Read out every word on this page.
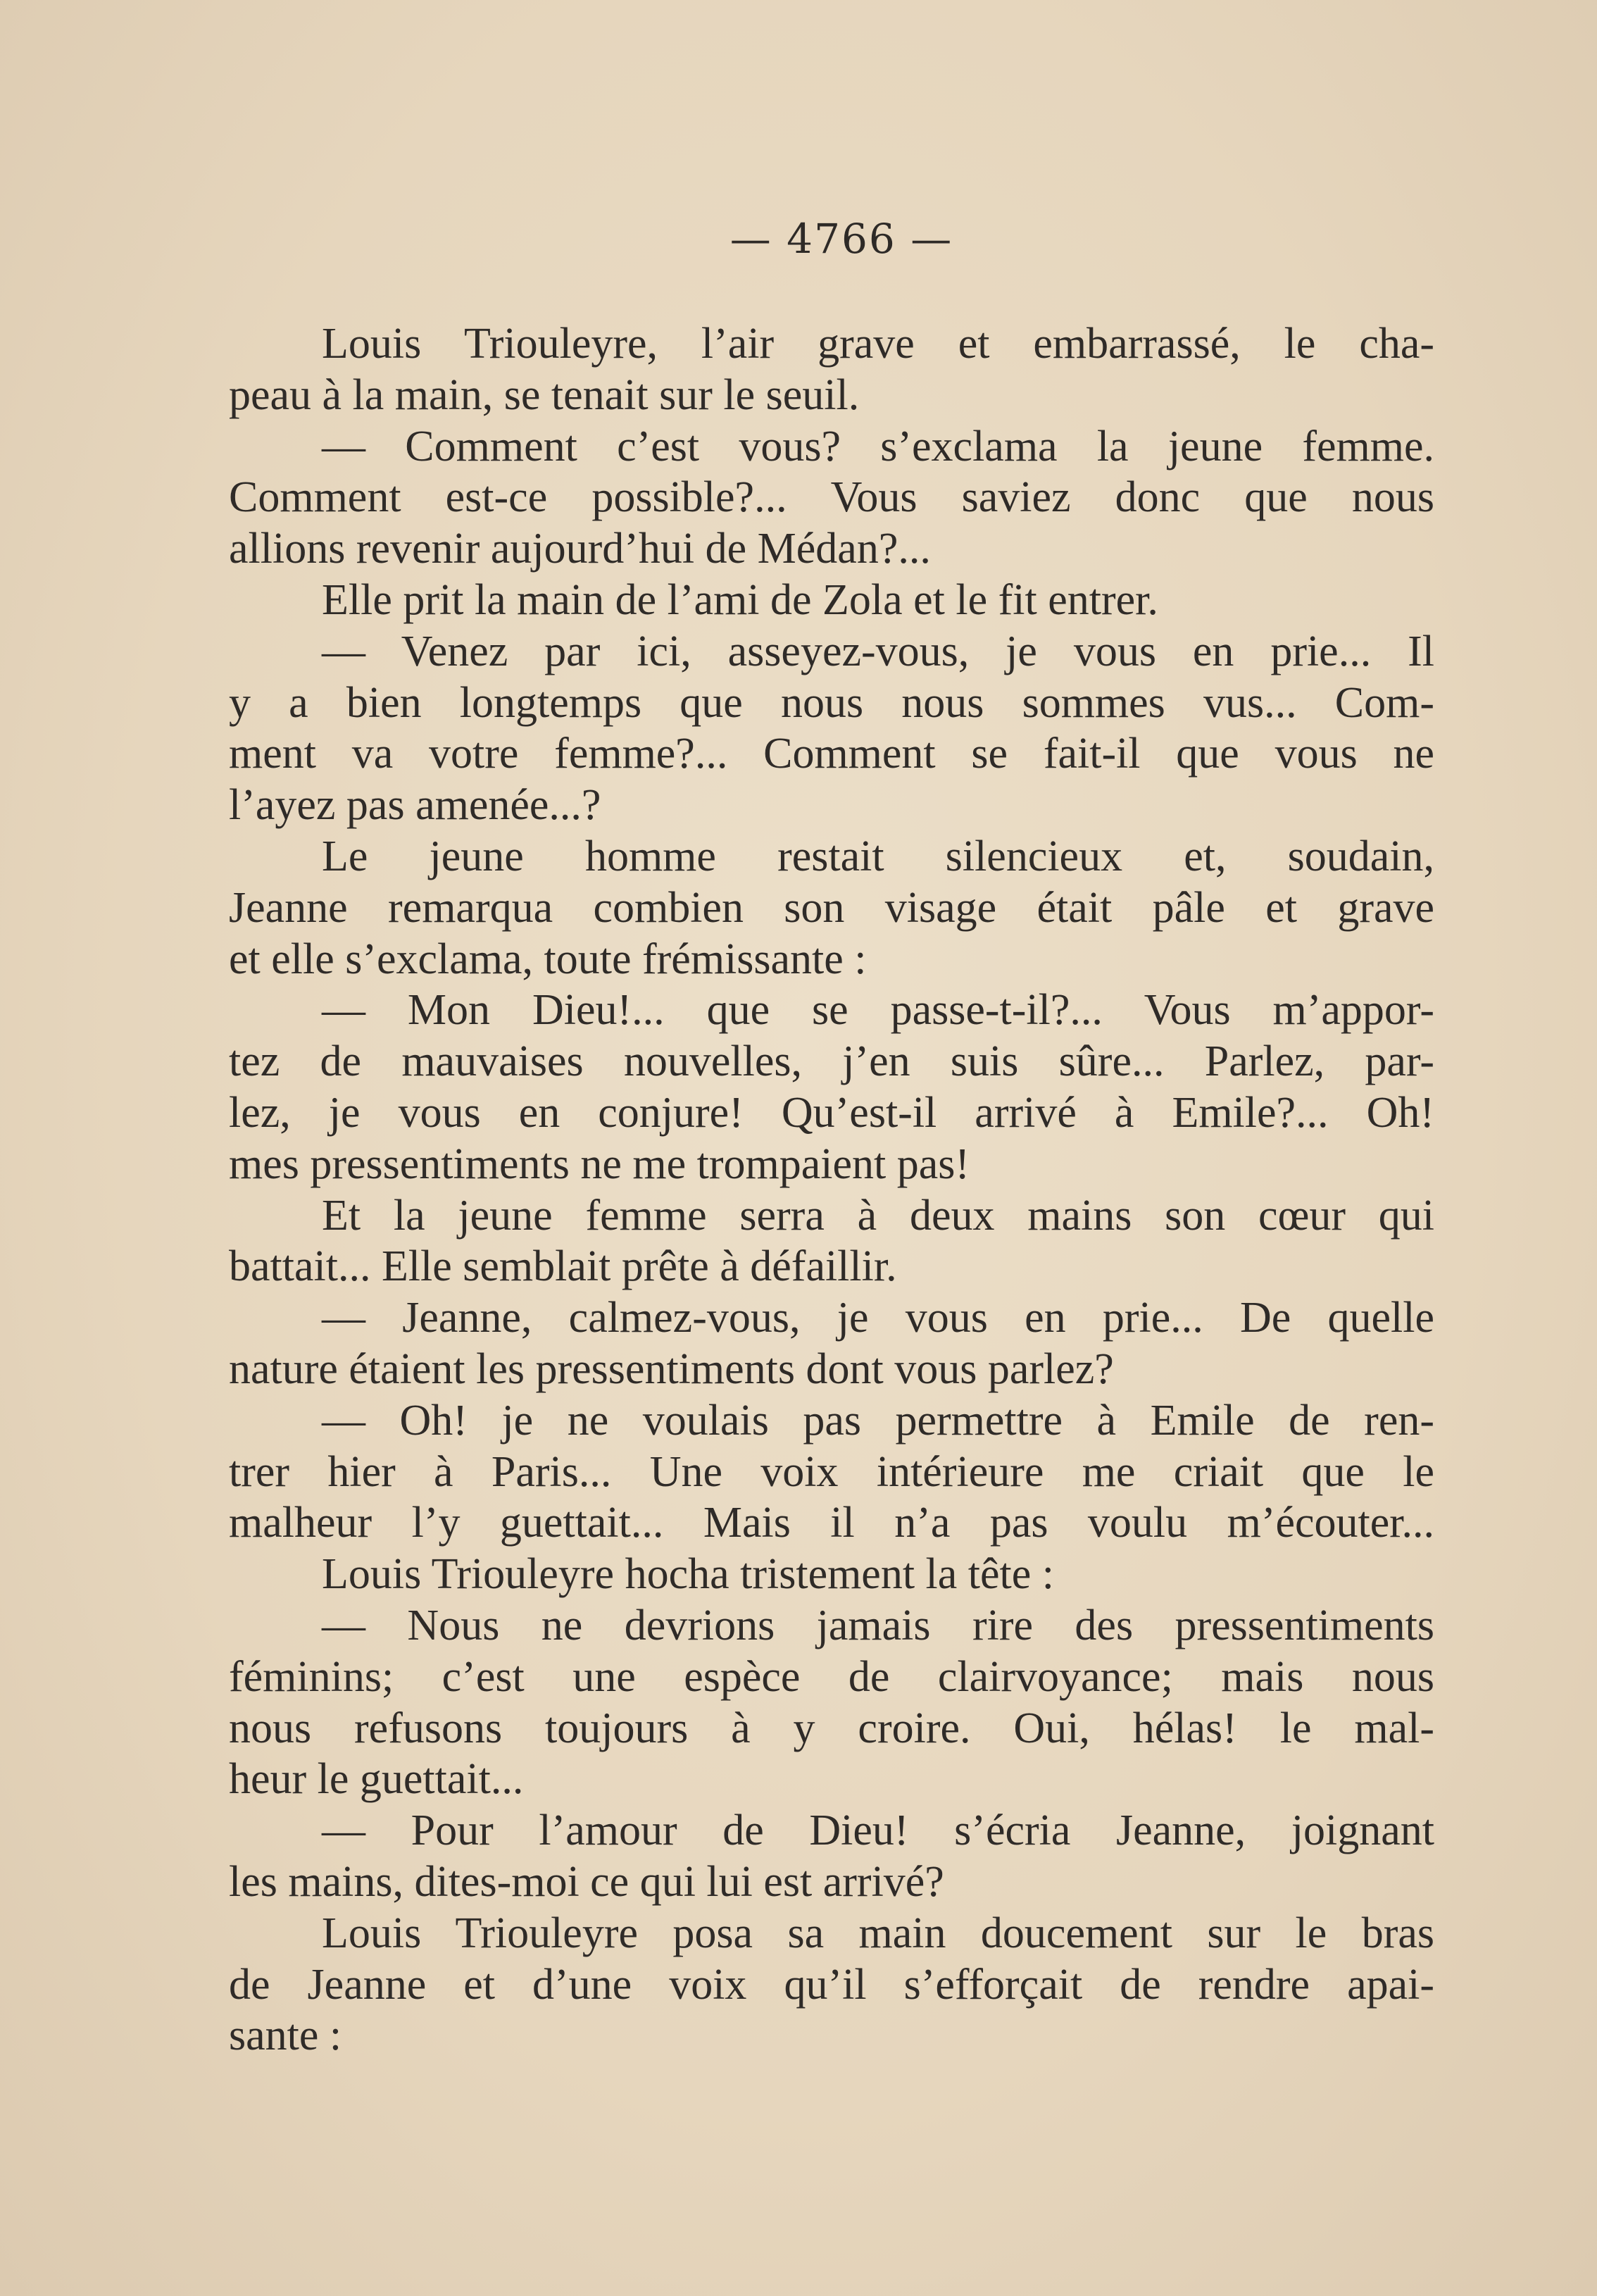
— 4766 —
Louis Triouleyre, l’air grave et embarrassé, le cha-
peau à la main, se tenait sur le seuil.
— Comment c’est vous? s’exclama la jeune femme.
Comment est-ce possible?... Vous saviez donc que nous
allions revenir aujourd’hui de Médan?...
Elle prit la main de l’ami de Zola et le fit entrer.
— Venez par ici, asseyez-vous, je vous en prie... Il
y a bien longtemps que nous nous sommes vus... Com-
ment va votre femme?... Comment se fait-il que vous ne
l’ayez pas amenée...?
Le jeune homme restait silencieux et, soudain,
Jeanne remarqua combien son visage était pâle et grave
et elle s’exclama, toute frémissante :
— Mon Dieu!... que se passe-t-il?... Vous m’appor-
tez de mauvaises nouvelles, j’en suis sûre... Parlez, par-
lez, je vous en conjure! Qu’est-il arrivé à Emile?... Oh!
mes pressentiments ne me trompaient pas!
Et la jeune femme serra à deux mains son cœur qui
battait... Elle semblait prête à défaillir.
— Jeanne, calmez-vous, je vous en prie... De quelle
nature étaient les pressentiments dont vous parlez?
— Oh! je ne voulais pas permettre à Emile de ren-
trer hier à Paris... Une voix intérieure me criait que le
malheur l’y guettait... Mais il n’a pas voulu m’écouter...
Louis Triouleyre hocha tristement la tête :
— Nous ne devrions jamais rire des pressentiments
féminins; c’est une espèce de clairvoyance; mais nous
nous refusons toujours à y croire. Oui, hélas! le mal-
heur le guettait...
— Pour l’amour de Dieu! s’écria Jeanne, joignant
les mains, dites-moi ce qui lui est arrivé?
Louis Triouleyre posa sa main doucement sur le bras
de Jeanne et d’une voix qu’il s’efforçait de rendre apai-
sante :
